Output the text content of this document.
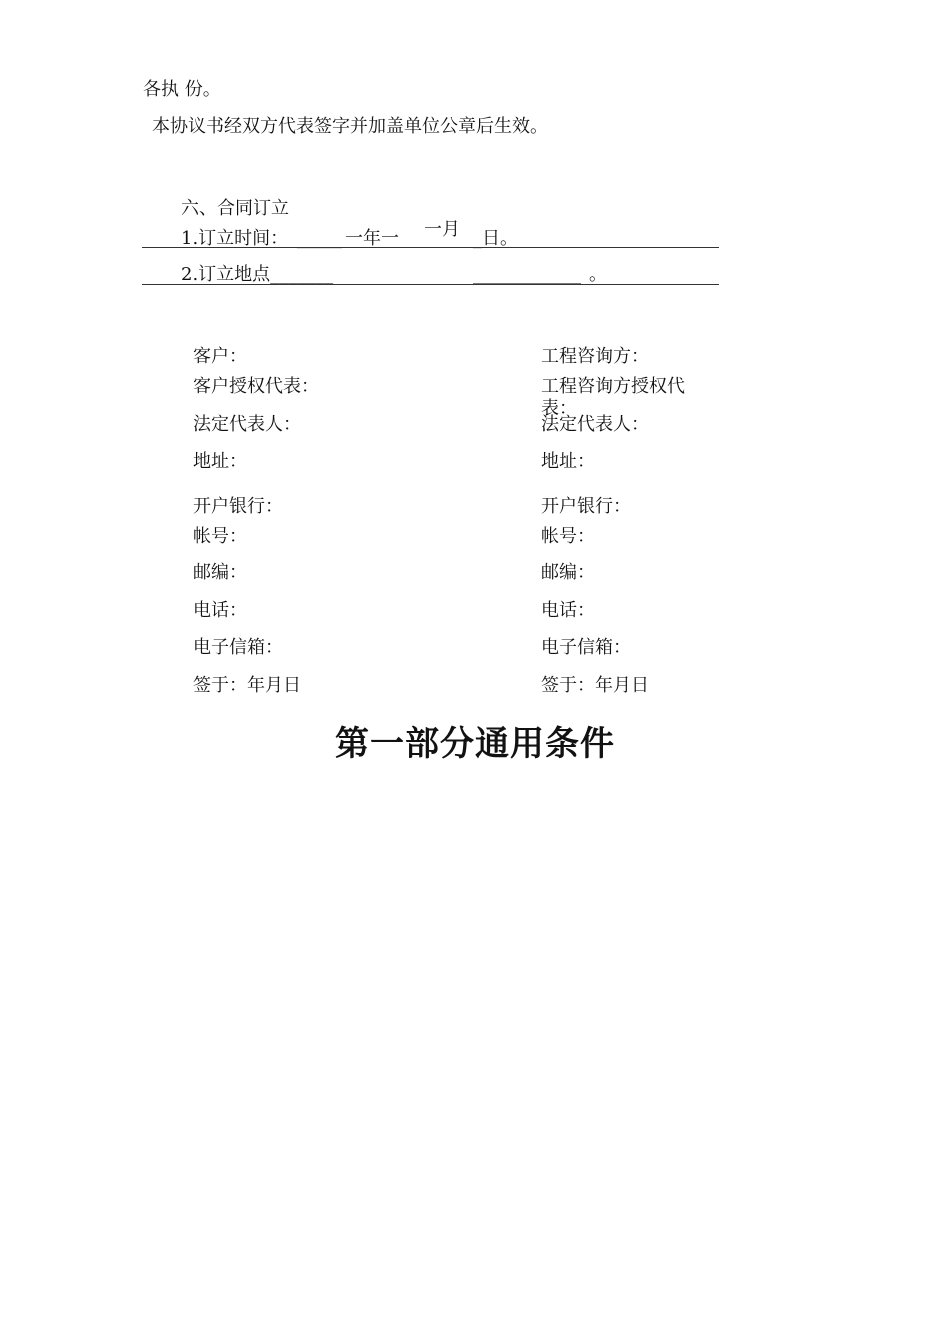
各执 份。
本协议书经双方代表签字并加盖单位公章后生效。
六、合同订立
1.订立时间： _____ 一年一 一月 _日。
2.订立地点_______	____________ 。
客户：
客户授权代表：
法定代表人：
地址：
开户银行：
帐号：
邮编：
电话：
电子信箱：
签于：年月日
工程咨询方：
工程咨询方授权代表：
法定代表人：
地址：
开户银行：
帐号：
邮编：
电话：
电子信箱：
签于：年月日
第一部分通用条件
